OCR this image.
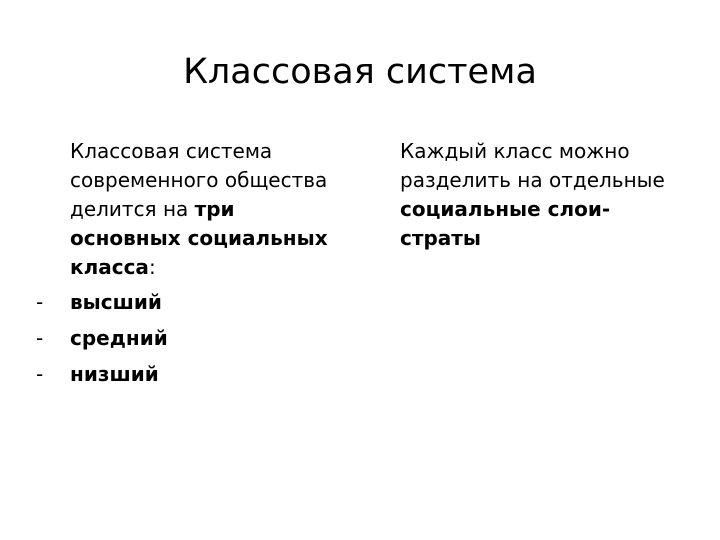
Классовая система
Классовая система современного общества делится на три основных социальных класса:
- высший
- средний
- низший
Каждый класс можно разделить на отдельные социальные слои-страты
